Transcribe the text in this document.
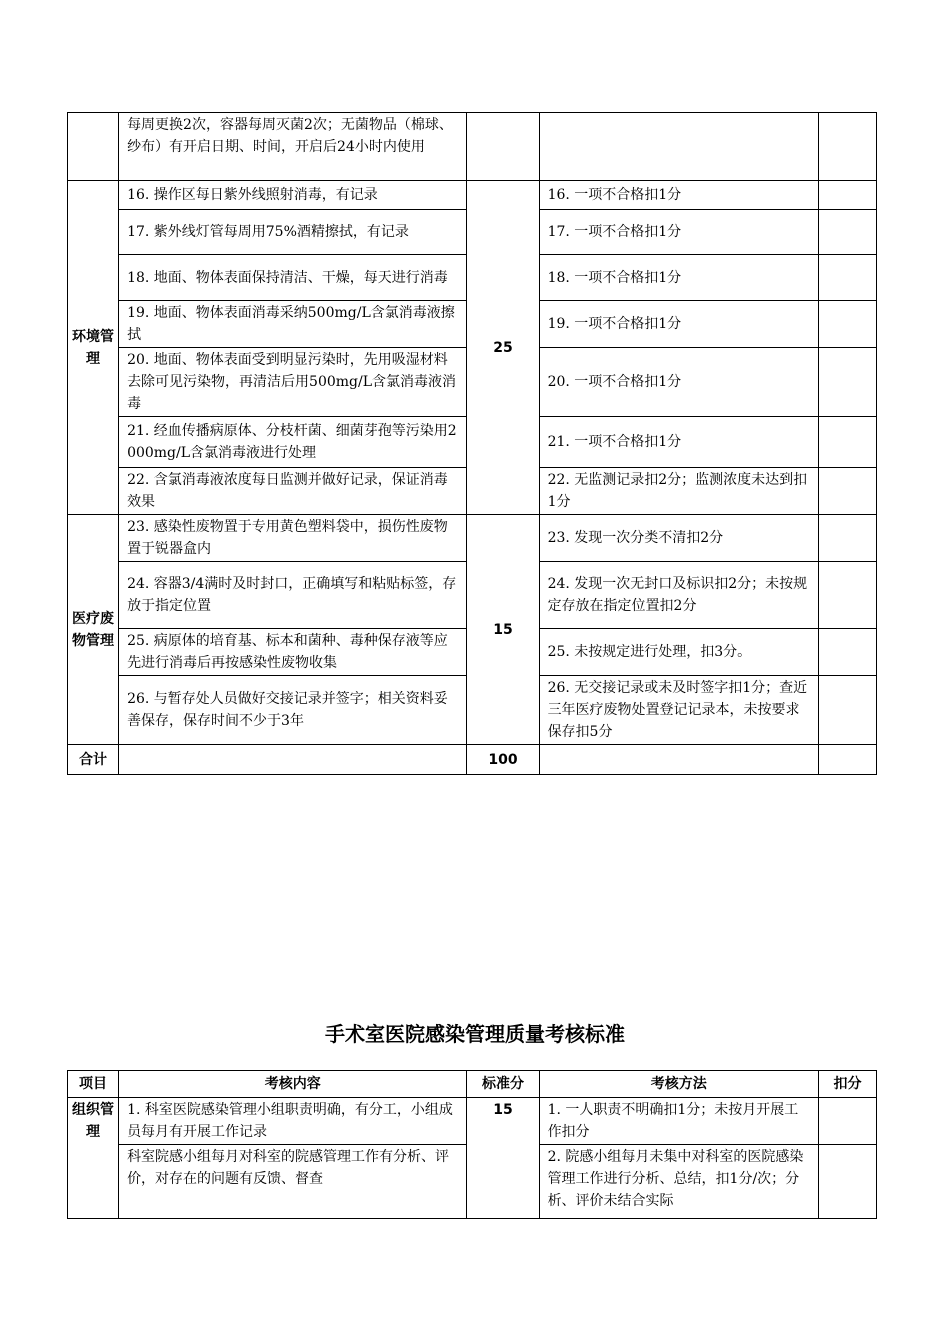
	每周更换2次，容器每周灭菌2次；无菌物品（棉球、纱布）有开启日期、时间，开启后24小时内使用			
环境管理	16. 操作区每日紫外线照射消毒，有记录	25	16. 一项不合格扣1分	
	17. 紫外线灯管每周用75%酒精擦拭，有记录		17. 一项不合格扣1分	
	18. 地面、物体表面保持清洁、干燥，每天进行消毒		18. 一项不合格扣1分	
	19. 地面、物体表面消毒采纳500mg/L含氯消毒液擦拭		19. 一项不合格扣1分	
	20. 地面、物体表面受到明显污染时，先用吸湿材料去除可见污染物，再清洁后用500mg/L含氯消毒液消毒		20. 一项不合格扣1分	
	21. 经血传播病原体、分枝杆菌、细菌芽孢等污染用2000mg/L含氯消毒液进行处理		21. 一项不合格扣1分	
	22. 含氯消毒液浓度每日监测并做好记录，保证消毒效果		22. 无监测记录扣2分；监测浓度未达到扣1分	
医疗废物管理	23. 感染性废物置于专用黄色塑料袋中，损伤性废物置于锐器盒内	15	23. 发现一次分类不清扣2分	
	24. 容器3/4满时及时封口，正确填写和粘贴标签，存放于指定位置		24. 发现一次无封口及标识扣2分；未按规定存放在指定位置扣2分	
	25. 病原体的培育基、标本和菌种、毒种保存液等应先进行消毒后再按感染性废物收集		25. 未按规定进行处理，扣3分。	
	26. 与暂存处人员做好交接记录并签字；相关资料妥善保存，保存时间不少于3年		26. 无交接记录或未及时签字扣1分；查近三年医疗废物处置登记记录本，未按要求保存扣5分	
合计		100		
手术室医院感染管理质量考核标准
项目	考核内容	标准分	考核方法	扣分
组织管理	1. 科室医院感染管理小组职责明确，有分工，小组成员每月有开展工作记录	15	1. 一人职责不明确扣1分；未按月开展工作扣分	
	科室院感小组每月对科室的院感管理工作有分析、评价，对存在的问题有反馈、督查		2. 院感小组每月未集中对科室的医院感染管理工作进行分析、总结，扣1分/次；分析、评价未结合实际	
